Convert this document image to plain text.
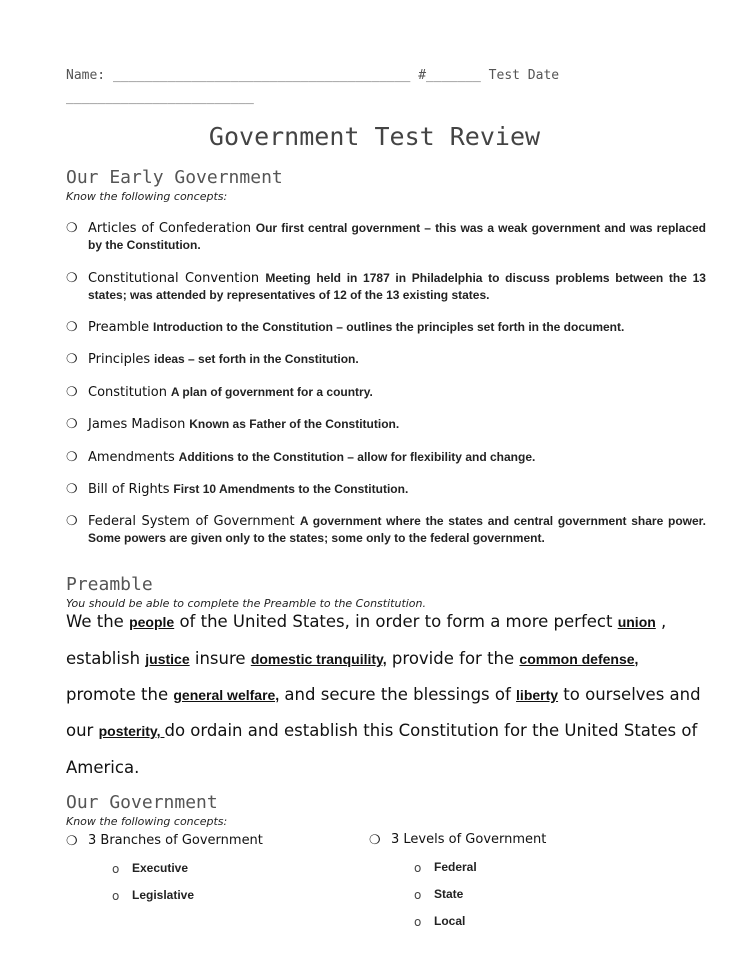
Name: ______________________________________ #_______ Test Date
________________________
Government Test Review
Our Early Government
Know the following concepts:
❍ Articles of Confederation Our first central government – this was a weak government and was replaced by the Constitution.
❍ Constitutional Convention Meeting held in 1787 in Philadelphia to discuss problems between the 13 states; was attended by representatives of 12 of the 13 existing states.
❍ Preamble Introduction to the Constitution – outlines the principles set forth in the document.
❍ Principles ideas – set forth in the Constitution.
❍ Constitution A plan of government for a country.
❍ James Madison Known as Father of the Constitution.
❍ Amendments Additions to the Constitution – allow for flexibility and change.
❍ Bill of Rights First 10 Amendments to the Constitution.
❍ Federal System of Government A government where the states and central government share power. Some powers are given only to the states; some only to the federal government.
Preamble
You should be able to complete the Preamble to the Constitution.
We the people of the United States, in order to form a more perfect union ,
establish justice insure domestic tranquility, provide for the common defense,
promote the general welfare, and secure the blessings of liberty to ourselves and
our posterity, do ordain and establish this Constitution for the United States of
America.
Our Government
Know the following concepts:
❍ 3 Branches of Government
o Executive
o Legislative
❍ 3 Levels of Government
o Federal
o State
o Local
